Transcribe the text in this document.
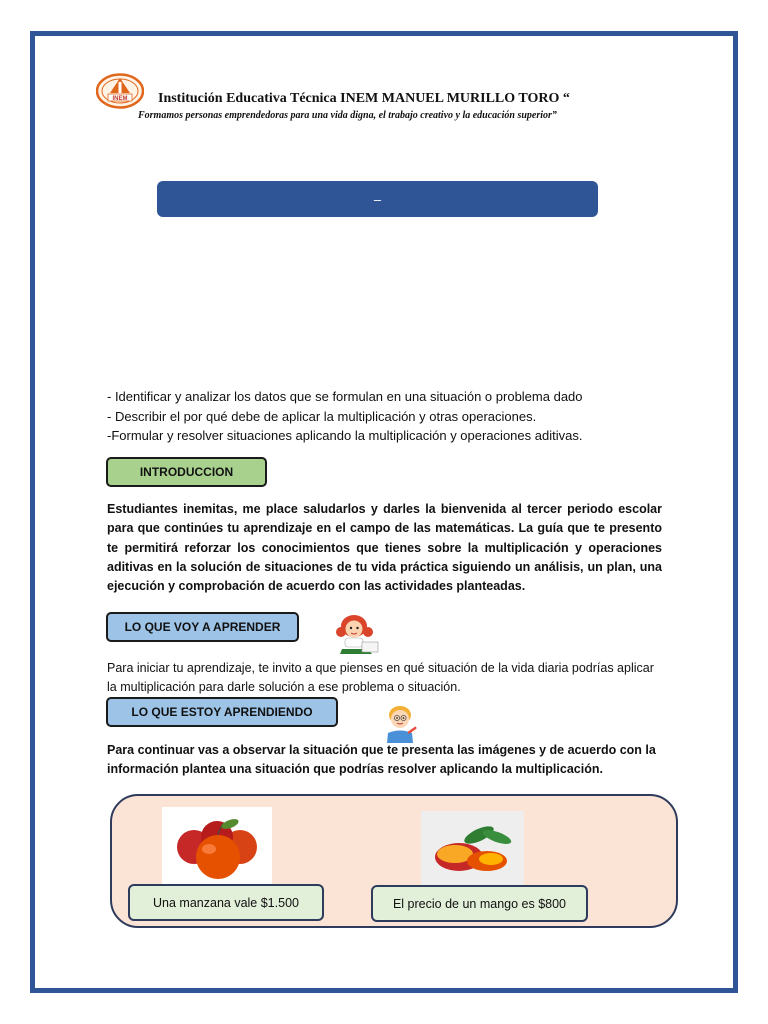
INEM Institución Educativa Técnica INEM MANUEL MURILLO TORO “
Formamos personas emprendedoras para una vida digna, el trabajo creativo y la educación superior”
–
- Identificar y analizar los datos que se formulan en una situación o problema dado
- Describir el por qué debe de aplicar la multiplicación y otras operaciones.
-Formular y resolver situaciones aplicando la multiplicación y operaciones aditivas.
INTRODUCCION
Estudiantes inemitas, me place saludarlos y darles la bienvenida al tercer periodo escolar para que continúes tu aprendizaje en el campo de las matemáticas. La guía que te presento te permitirá reforzar los conocimientos que tienes sobre la multiplicación y operaciones aditivas en la solución de situaciones de tu vida práctica siguiendo un análisis, un plan, una ejecución y comprobación de acuerdo con las actividades planteadas.
LO QUE VOY A APRENDER
Para iniciar tu aprendizaje, te invito a que pienses en qué situación de la vida diaria podrías aplicar
la multiplicación para darle solución a ese problema o situación.
LO QUE ESTOY APRENDIENDO
Para continuar vas a observar la situación que te presenta las imágenes y de acuerdo con la
información plantea una situación que podrías resolver aplicando la multiplicación.
Una manzana vale $1.500	El precio de un mango es $800
